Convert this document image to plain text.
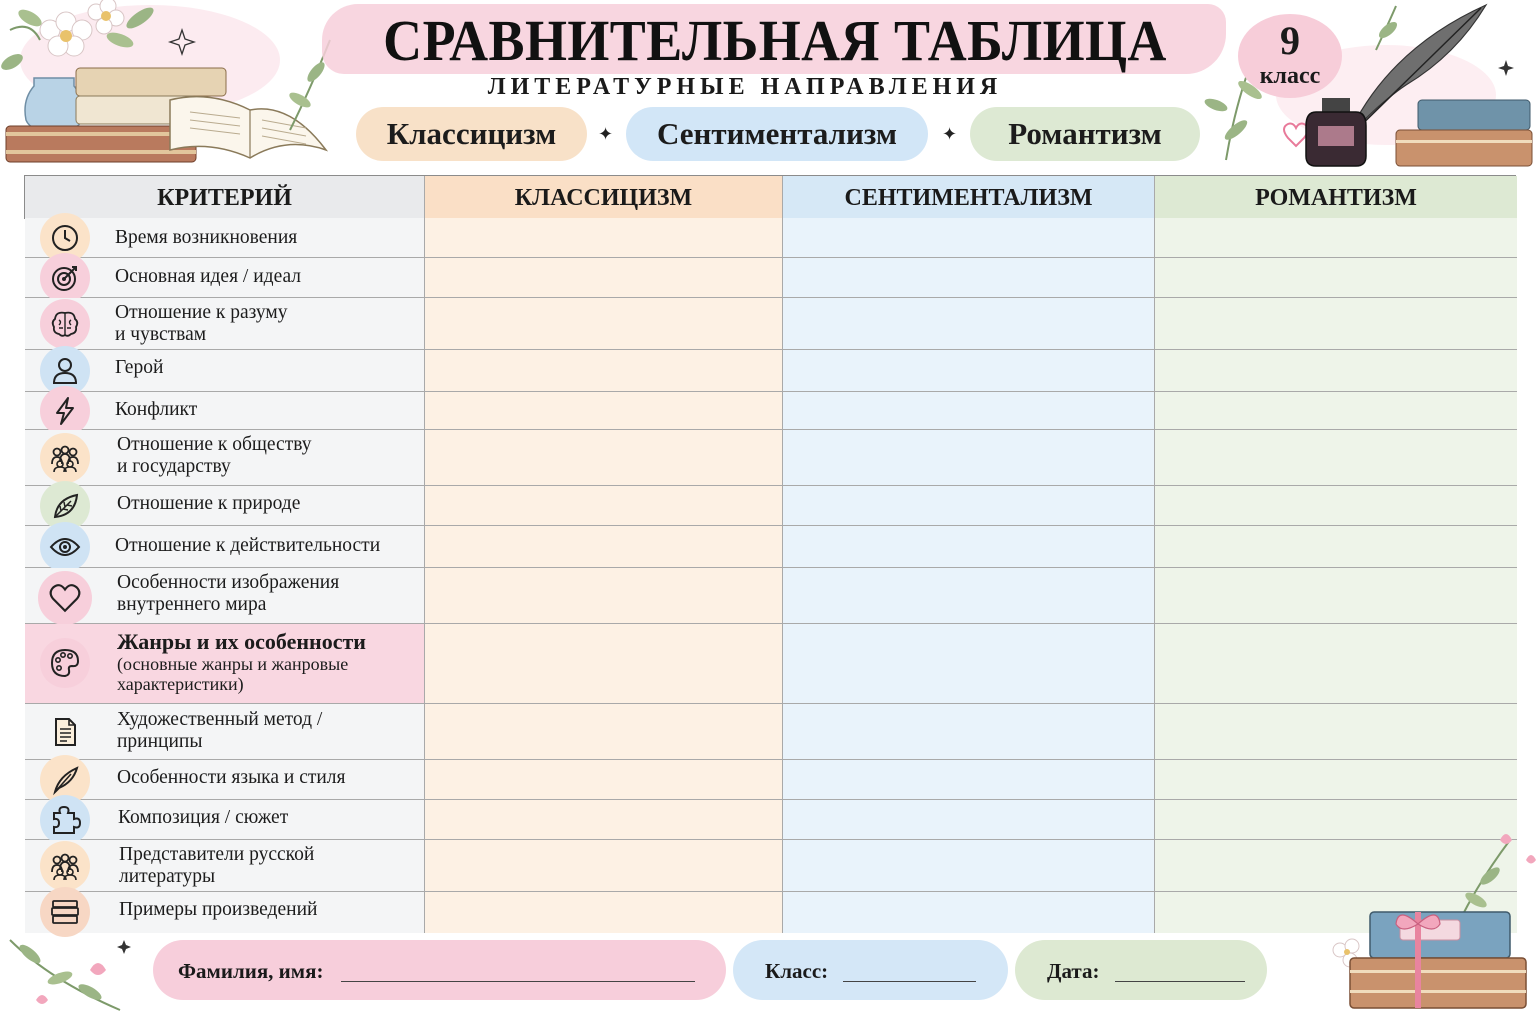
СРАВНИТЕЛЬНАЯ ТАБЛИЦА
ЛИТЕРАТУРНЫЕ НАПРАВЛЕНИЯ
9
класс
Классицизм	✦	Сентиментализм	✦	Романтизм
КРИТЕРИЙ	КЛАССИЦИЗМ	СЕНТИМЕНТАЛИЗМ	РОМАНТИЗМ
Время возникновения
Основная идея / идеал
Отношение к разуму
и чувствам
Герой
Конфликт
Отношение к обществу
и государству
Отношение к природе
Отношение к действительности
Особенности изображения
внутреннего мира
Жанры и их особенности
(основные жанры и жанровые
характеристики)
Художественный метод /
принципы
Особенности языка и стиля
Композиция / сюжет
Представители русской
литературы
Примеры произведений
Фамилия, имя:	Класс:	Дата:
